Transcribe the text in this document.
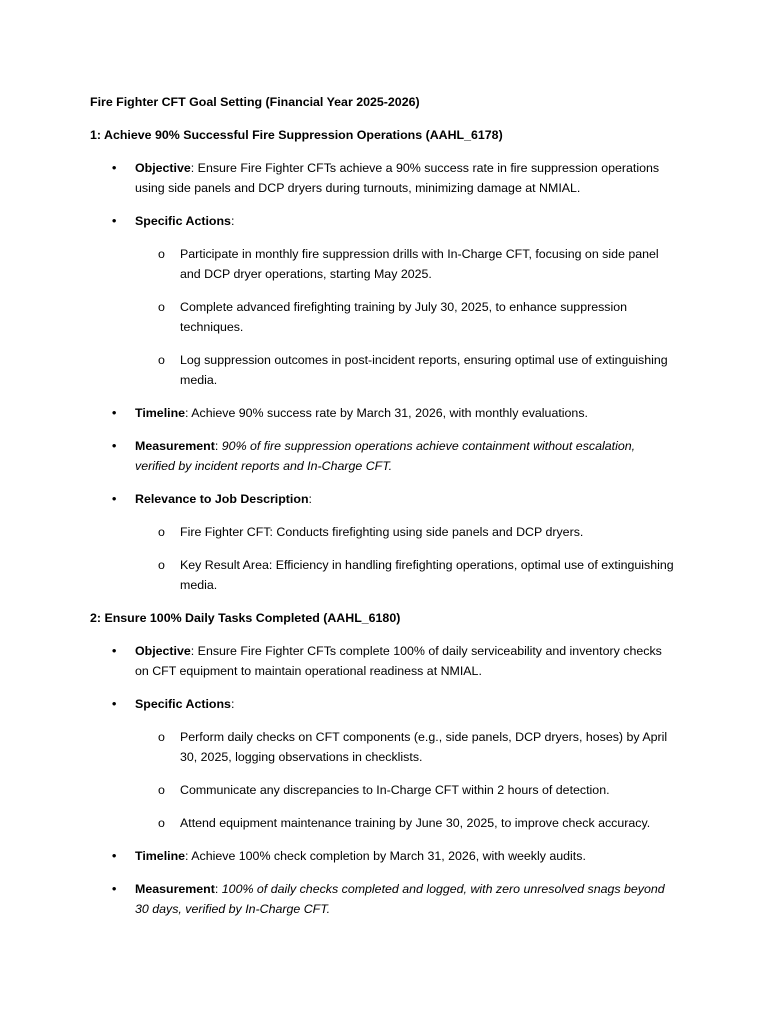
Fire Fighter CFT Goal Setting (Financial Year 2025-2026)

1: Achieve 90% Successful Fire Suppression Operations (AAHL_6178)

• Objective: Ensure Fire Fighter CFTs achieve a 90% success rate in fire suppression operations using side panels and DCP dryers during turnouts, minimizing damage at NMIAL.
• Specific Actions:
o Participate in monthly fire suppression drills with In-Charge CFT, focusing on side panel and DCP dryer operations, starting May 2025.
o Complete advanced firefighting training by July 30, 2025, to enhance suppression techniques.
o Log suppression outcomes in post-incident reports, ensuring optimal use of extinguishing media.
• Timeline: Achieve 90% success rate by March 31, 2026, with monthly evaluations.
• Measurement: 90% of fire suppression operations achieve containment without escalation, verified by incident reports and In-Charge CFT.
• Relevance to Job Description:
o Fire Fighter CFT: Conducts firefighting using side panels and DCP dryers.
o Key Result Area: Efficiency in handling firefighting operations, optimal use of extinguishing media.

2: Ensure 100% Daily Tasks Completed (AAHL_6180)

• Objective: Ensure Fire Fighter CFTs complete 100% of daily serviceability and inventory checks on CFT equipment to maintain operational readiness at NMIAL.
• Specific Actions:
o Perform daily checks on CFT components (e.g., side panels, DCP dryers, hoses) by April 30, 2025, logging observations in checklists.
o Communicate any discrepancies to In-Charge CFT within 2 hours of detection.
o Attend equipment maintenance training by June 30, 2025, to improve check accuracy.
• Timeline: Achieve 100% check completion by March 31, 2026, with weekly audits.
• Measurement: 100% of daily checks completed and logged, with zero unresolved snags beyond 30 days, verified by In-Charge CFT.
